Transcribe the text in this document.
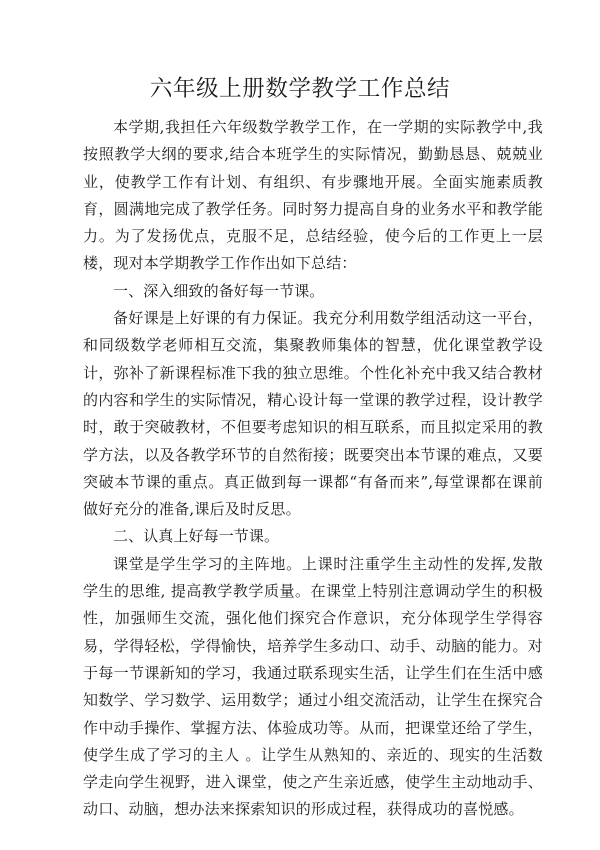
六年级上册数学教学工作总结

本学期,我担任六年级数学教学工作，在一学期的实际教学中,我按照教学大纲的要求,结合本班学生的实际情况，勤勤恳恳、兢兢业业，使教学工作有计划、有组织、有步骤地开展。全面实施素质教育，圆满地完成了教学任务。同时努力提高自身的业务水平和教学能力。为了发扬优点，克服不足，总结经验，使今后的工作更上一层楼，现对本学期教学工作作出如下总结：

一、深入细致的备好每一节课。

备好课是上好课的有力保证。我充分利用数学组活动这一平台，和同级数学老师相互交流，集聚教师集体的智慧，优化课堂教学设计，弥补了新课程标准下我的独立思维。个性化补充中我又结合教材的内容和学生的实际情况，精心设计每一堂课的教学过程，设计教学时，敢于突破教材，不但要考虑知识的相互联系，而且拟定采用的教学方法，以及各教学环节的自然衔接；既要突出本节课的难点，又要突破本节课的重点。真正做到每一课都“有备而来”,每堂课都在课前做好充分的准备,课后及时反思。

二、认真上好每一节课。

课堂是学生学习的主阵地。上课时注重学生主动性的发挥,发散学生的思维, 提高教学教学质量。在课堂上特别注意调动学生的积极性，加强师生交流，强化他们探究合作意识，充分体现学生学得容易，学得轻松，学得愉快，培养学生多动口、动手、动脑的能力。对于每一节课新知的学习，我通过联系现实生活，让学生们在生活中感知数学、学习数学、运用数学；通过小组交流活动，让学生在探究合作中动手操作、掌握方法、体验成功等。从而，把课堂还给了学生，使学生成了学习的主人 。让学生从熟知的、亲近的、现实的生活数学走向学生视野，进入课堂，使之产生亲近感，使学生主动地动手、动口、动脑，想办法来探索知识的形成过程，获得成功的喜悦感。
